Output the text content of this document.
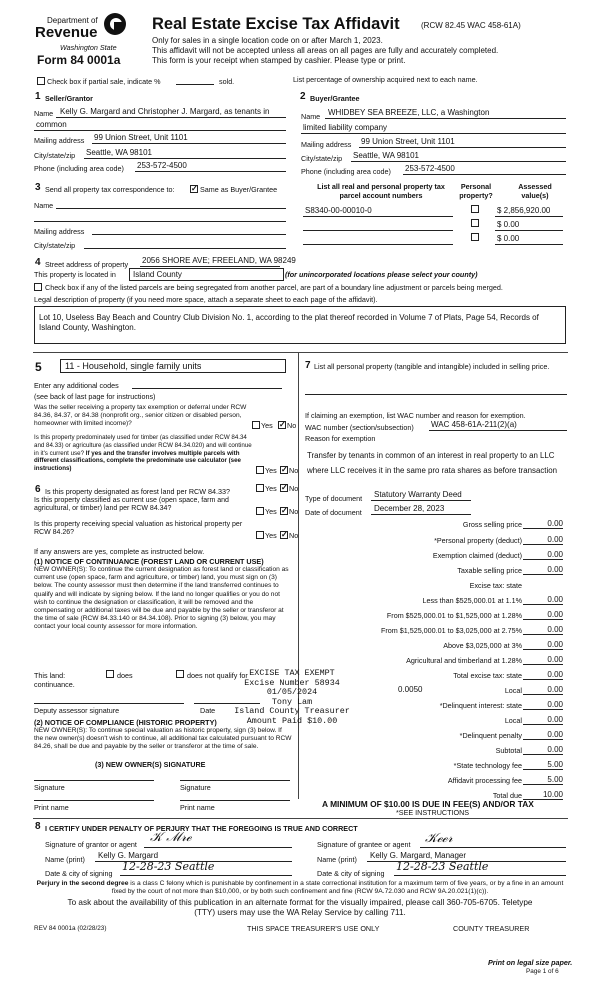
Department of
Revenue
Washington State
Form 84 0001a
Real Estate Excise Tax Affidavit	(RCW 82.45 WAC 458-61A)
Only for sales in a single location code on or after March 1, 2023.
This affidavit will not be accepted unless all areas on all pages are fully and accurately completed.
This form is your receipt when stamped by cashier. Please type or print.
Check box if partial sale, indicate %	sold.	List percentage of ownership acquired next to each name.
1 Seller/Grantor
Name Kelly G. Margard and Christopher J. Margard, as tenants in
common
Mailing address 99 Union Street, Unit 1101
City/state/zip Seattle, WA 98101
Phone (including area code) 253-572-4500
2 Buyer/Grantee
Name WHIDBEY SEA BREEZE, LLC, a Washington
limited liability company
Mailing address 99 Union Street, Unit 1101
City/state/zip Seattle, WA 98101
Phone (including area code) 253-572-4500
3 Send all property tax correspondence to: ✓	Same as Buyer/Grantee
Name
Mailing address
City/state/zip
List all real and personal property tax parcel account numbers
Personal property?
Assessed value(s)
S8340-00-00010-0	$ 2,856,920.00
$ 0.00
$ 0.00
4 Street address of property 2056 SHORE AVE; FREELAND, WA 98249
This property is located in	Island County	(for unincorporated locations please select your county)
Check box if any of the listed parcels are being segregated from another parcel, are part of a boundary line adjustment or parcels being merged.
Legal description of property (if you need more space, attach a separate sheet to each page of the affidavit).
Lot 10, Useless Bay Beach and Country Club Division No. 1, according to the plat thereof recorded in Volume 7 of Plats, Page 54, Records of Island County, Washington.
5	11 - Household, single family units
Enter any additional codes
(see back of last page for instructions)
Was the seller receiving a property tax exemption or deferral under RCW 84.36, 84.37, or 84.38 (nonprofit org., senior citizen or disabled person, homeowner with limited income)?	Yes ✓ No
Is this property predominately used for timber (as classified under RCW 84.34 and 84.33) or agriculture (as classified under RCW 84.34.020) and will continue in it's current use? If yes and the transfer involves multiple parcels with different classifications, complete the predominate use calculator (see instructions)	Yes ✓ No
6 Is this property designated as forest land per RCW 84.33?	Yes ✓ No
Is this property classified as current use (open space, farm and agricultural, or timber) land per RCW 84.34?	Yes ✓ No
Is this property receiving special valuation as historical property per RCW 84.26?	Yes ✓ No
If any answers are yes, complete as instructed below.
(1) NOTICE OF CONTINUANCE (FOREST LAND OR CURRENT USE)
NEW OWNER(S): To continue the current designation as forest land or classification as current use (open space, farm and agriculture, or timber) land, you must sign on (3) below. The county assessor must then determine if the land transferred continues to qualify and will indicate by signing below. If the land no longer qualifies or you do not wish to continue the designation or classification, it will be removed and the compensating or additional taxes will be due and payable by the seller or transferor at the time of sale (RCW 84.33.140 or 84.34.108). Prior to signing (3) below, you may contact your local county assessor for more information.
This land:	does	does not qualify for
continuance.
Deputy assessor signature	Date
(2) NOTICE OF COMPLIANCE (HISTORIC PROPERTY)
NEW OWNER(S): To continue special valuation as historic property, sign (3) below. If the new owner(s) doesn't wish to continue, all additional tax calculated pursuant to RCW 84.26, shall be due and payable by the seller or transferor at the time of sale.
(3) NEW OWNER(S) SIGNATURE
Signature	Signature
Print name	Print name
EXCISE TAX EXEMPT
Excise Number 58934
01/05/2024
Tony Lam
Island County Treasurer
Amount Paid $10.00
7 List all personal property (tangible and intangible) included in selling price.
If claiming an exemption, list WAC number and reason for exemption.
WAC number (section/subsection) WAC 458-61A-211(2)(a)
Reason for exemption
Transfer by tenants in common of an interest in real property to an LLC
where LLC receives it in the same pro rata shares as before transaction
Type of document Statutory Warranty Deed
Date of document December 28, 2023
Gross selling price	0.00
*Personal property (deduct)	0.00
Exemption claimed (deduct)	0.00
Taxable selling price	0.00
Excise tax: state
Less than $525,000.01 at 1.1%	0.00
From $525,000.01 to $1,525,000 at 1.28%	0.00
From $1,525,000.01 to $3,025,000 at 2.75%	0.00
Above $3,025,000 at 3%	0.00
Agricultural and timberland at 1.28%	0.00
Total excise tax: state	0.00
Local	0.00
*Delinquent interest: state	0.00
Local	0.00
*Delinquent penalty	0.00
Subtotal	0.00
*State technology fee	5.00
Affidavit processing fee	5.00
Total due	10.00
0.0050
A MINIMUM OF $10.00 IS DUE IN FEE(S) AND/OR TAX
*SEE INSTRUCTIONS
8 I CERTIFY UNDER PENALTY OF PERJURY THAT THE FOREGOING IS TRUE AND CORRECT
Signature of grantor or agent 𝒦 ℳ𝓇ℯ
Name (print) Kelly G. Margard
Date & city of signing
12-28-23 Seattle
Signature of grantee or agent 𝒦ℯℯ𝓇
Name (print) Kelly G. Margard, Manager
Date & city of signing
12-28-23 Seattle
Perjury in the second degree is a class C felony which is punishable by confinement in a state correctional institution for a maximum term of five years, or by a fine in an amount fixed by the court of not more than $10,000, or by both such confinement and fine (RCW 9A.72.030 and RCW 9A.20.021(1)(c)).
To ask about the availability of this publication in an alternate format for the visually impaired, please call 360-705-6705. Teletype
(TTY) users may use the WA Relay Service by calling 711.
REV 84 0001a (02/28/23)	THIS SPACE TREASURER'S USE ONLY	COUNTY TREASURER
Print on legal size paper.
Page 1 of 6
